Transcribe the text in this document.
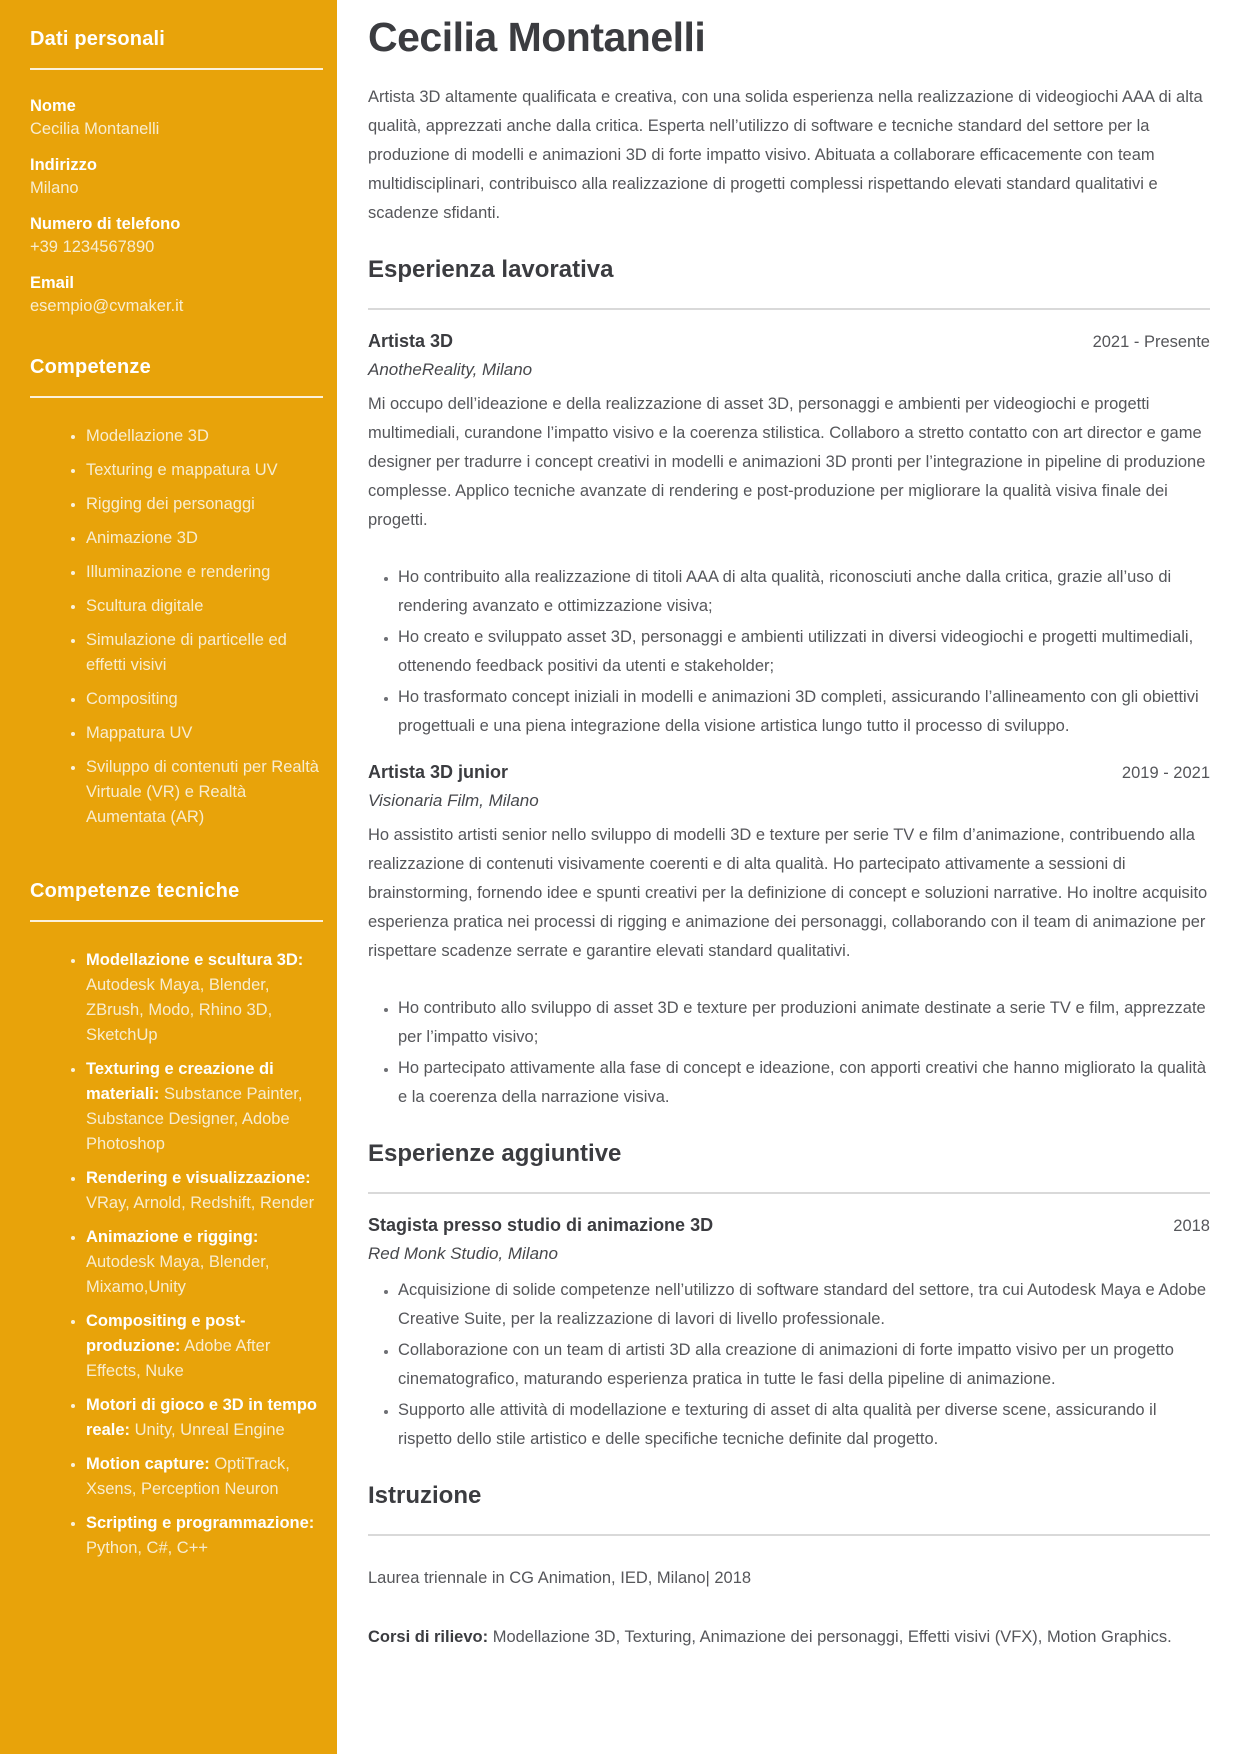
Dati personali
Nome
Cecilia Montanelli
Indirizzo
Milano
Numero di telefono
+39 1234567890
Email
esempio@cvmaker.it
Competenze
• Modellazione 3D
• Texturing e mappatura UV
• Rigging dei personaggi
• Animazione 3D
• Illuminazione e rendering
• Scultura digitale
• Simulazione di particelle ed effetti visivi
• Compositing
• Mappatura UV
• Sviluppo di contenuti per Realtà Virtuale (VR) e Realtà Aumentata (AR)
Competenze tecniche
• Modellazione e scultura 3D: Autodesk Maya, Blender, ZBrush, Modo, Rhino 3D, SketchUp
• Texturing e creazione di materiali: Substance Painter, Substance Designer, Adobe Photoshop
• Rendering e visualizzazione: VRay, Arnold, Redshift, Render
• Animazione e rigging: Autodesk Maya, Blender, Mixamo,Unity
• Compositing e post-produzione: Adobe After Effects, Nuke
• Motori di gioco e 3D in tempo reale: Unity, Unreal Engine
• Motion capture: OptiTrack, Xsens, Perception Neuron
• Scripting e programmazione: Python, C#, C++
Cecilia Montanelli

Artista 3D altamente qualificata e creativa, con una solida esperienza nella realizzazione di videogiochi AAA di alta qualità, apprezzati anche dalla critica. Esperta nell’utilizzo di software e tecniche standard del settore per la produzione di modelli e animazioni 3D di forte impatto visivo. Abituata a collaborare efficacemente con team multidisciplinari, contribuisco alla realizzazione di progetti complessi rispettando elevati standard qualitativi e scadenze sfidanti.

Esperienza lavorativa
Artista 3D	2021 - Presente
AnotheReality, Milano

Mi occupo dell’ideazione e della realizzazione di asset 3D, personaggi e ambienti per videogiochi e progetti multimediali, curandone l’impatto visivo e la coerenza stilistica. Collaboro a stretto contatto con art director e game designer per tradurre i concept creativi in modelli e animazioni 3D pronti per l’integrazione in pipeline di produzione complesse. Applico tecniche avanzate di rendering e post-produzione per migliorare la qualità visiva finale dei progetti.

• Ho contribuito alla realizzazione di titoli AAA di alta qualità, riconosciuti anche dalla critica, grazie all’uso di rendering avanzato e ottimizzazione visiva;
• Ho creato e sviluppato asset 3D, personaggi e ambienti utilizzati in diversi videogiochi e progetti multimediali, ottenendo feedback positivi da utenti e stakeholder;
• Ho trasformato concept iniziali in modelli e animazioni 3D completi, assicurando l’allineamento con gli obiettivi progettuali e una piena integrazione della visione artistica lungo tutto il processo di sviluppo.
Artista 3D junior	2019 - 2021
Visionaria Film, Milano

Ho assistito artisti senior nello sviluppo di modelli 3D e texture per serie TV e film d’animazione, contribuendo alla realizzazione di contenuti visivamente coerenti e di alta qualità. Ho partecipato attivamente a sessioni di brainstorming, fornendo idee e spunti creativi per la definizione di concept e soluzioni narrative. Ho inoltre acquisito esperienza pratica nei processi di rigging e animazione dei personaggi, collaborando con il team di animazione per rispettare scadenze serrate e garantire elevati standard qualitativi.

• Ho contributo allo sviluppo di asset 3D e texture per produzioni animate destinate a serie TV e film, apprezzate per l’impatto visivo;
• Ho partecipato attivamente alla fase di concept e ideazione, con apporti creativi che hanno migliorato la qualità e la coerenza della narrazione visiva.
Esperienze aggiuntive
Stagista presso studio di animazione 3D	2018
Red Monk Studio, Milano
• Acquisizione di solide competenze nell’utilizzo di software standard del settore, tra cui Autodesk Maya e Adobe Creative Suite, per la realizzazione di lavori di livello professionale.
• Collaborazione con un team di artisti 3D alla creazione di animazioni di forte impatto visivo per un progetto cinematografico, maturando esperienza pratica in tutte le fasi della pipeline di animazione.
• Supporto alle attività di modellazione e texturing di asset di alta qualità per diverse scene, assicurando il rispetto dello stile artistico e delle specifiche tecniche definite dal progetto.
Istruzione

Laurea triennale in CG Animation, IED, Milano| 2018

Corsi di rilievo: Modellazione 3D, Texturing, Animazione dei personaggi, Effetti visivi (VFX), Motion Graphics.
